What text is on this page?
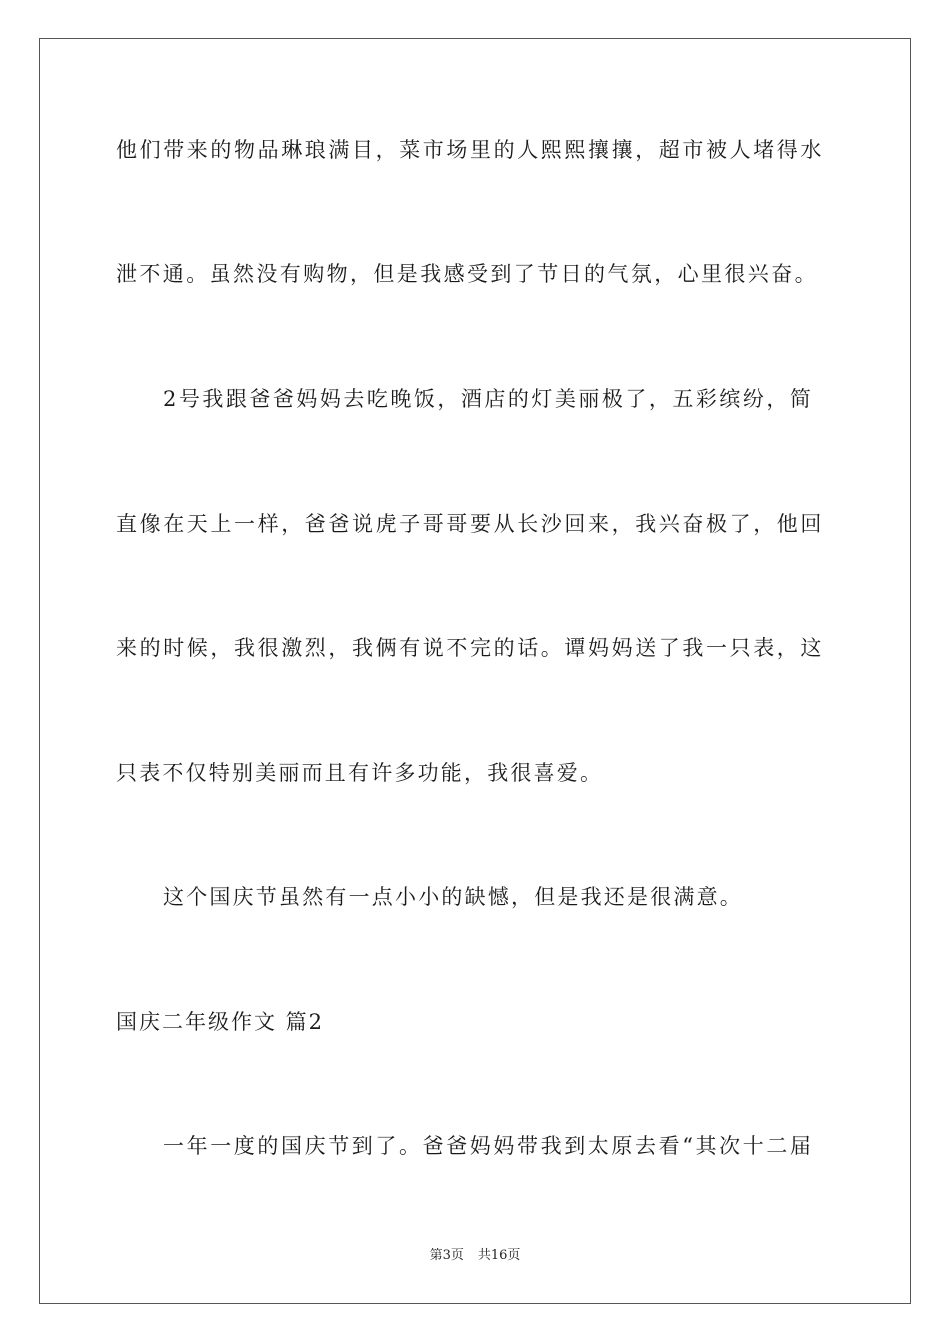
他们带来的物品琳琅满目，菜市场里的人熙熙攘攘，超市被人堵得水
泄不通。虽然没有购物，但是我感受到了节日的气氛，心里很兴奋。
2号我跟爸爸妈妈去吃晚饭，酒店的灯美丽极了，五彩缤纷，简
直像在天上一样，爸爸说虎子哥哥要从长沙回来，我兴奋极了，他回
来的时候，我很激烈，我俩有说不完的话。谭妈妈送了我一只表，这
只表不仅特别美丽而且有许多功能，我很喜爱。
这个国庆节虽然有一点小小的缺憾，但是我还是很满意。
国庆二年级作文 篇2
一年一度的国庆节到了。爸爸妈妈带我到太原去看“其次十二届
第3页 共16页
